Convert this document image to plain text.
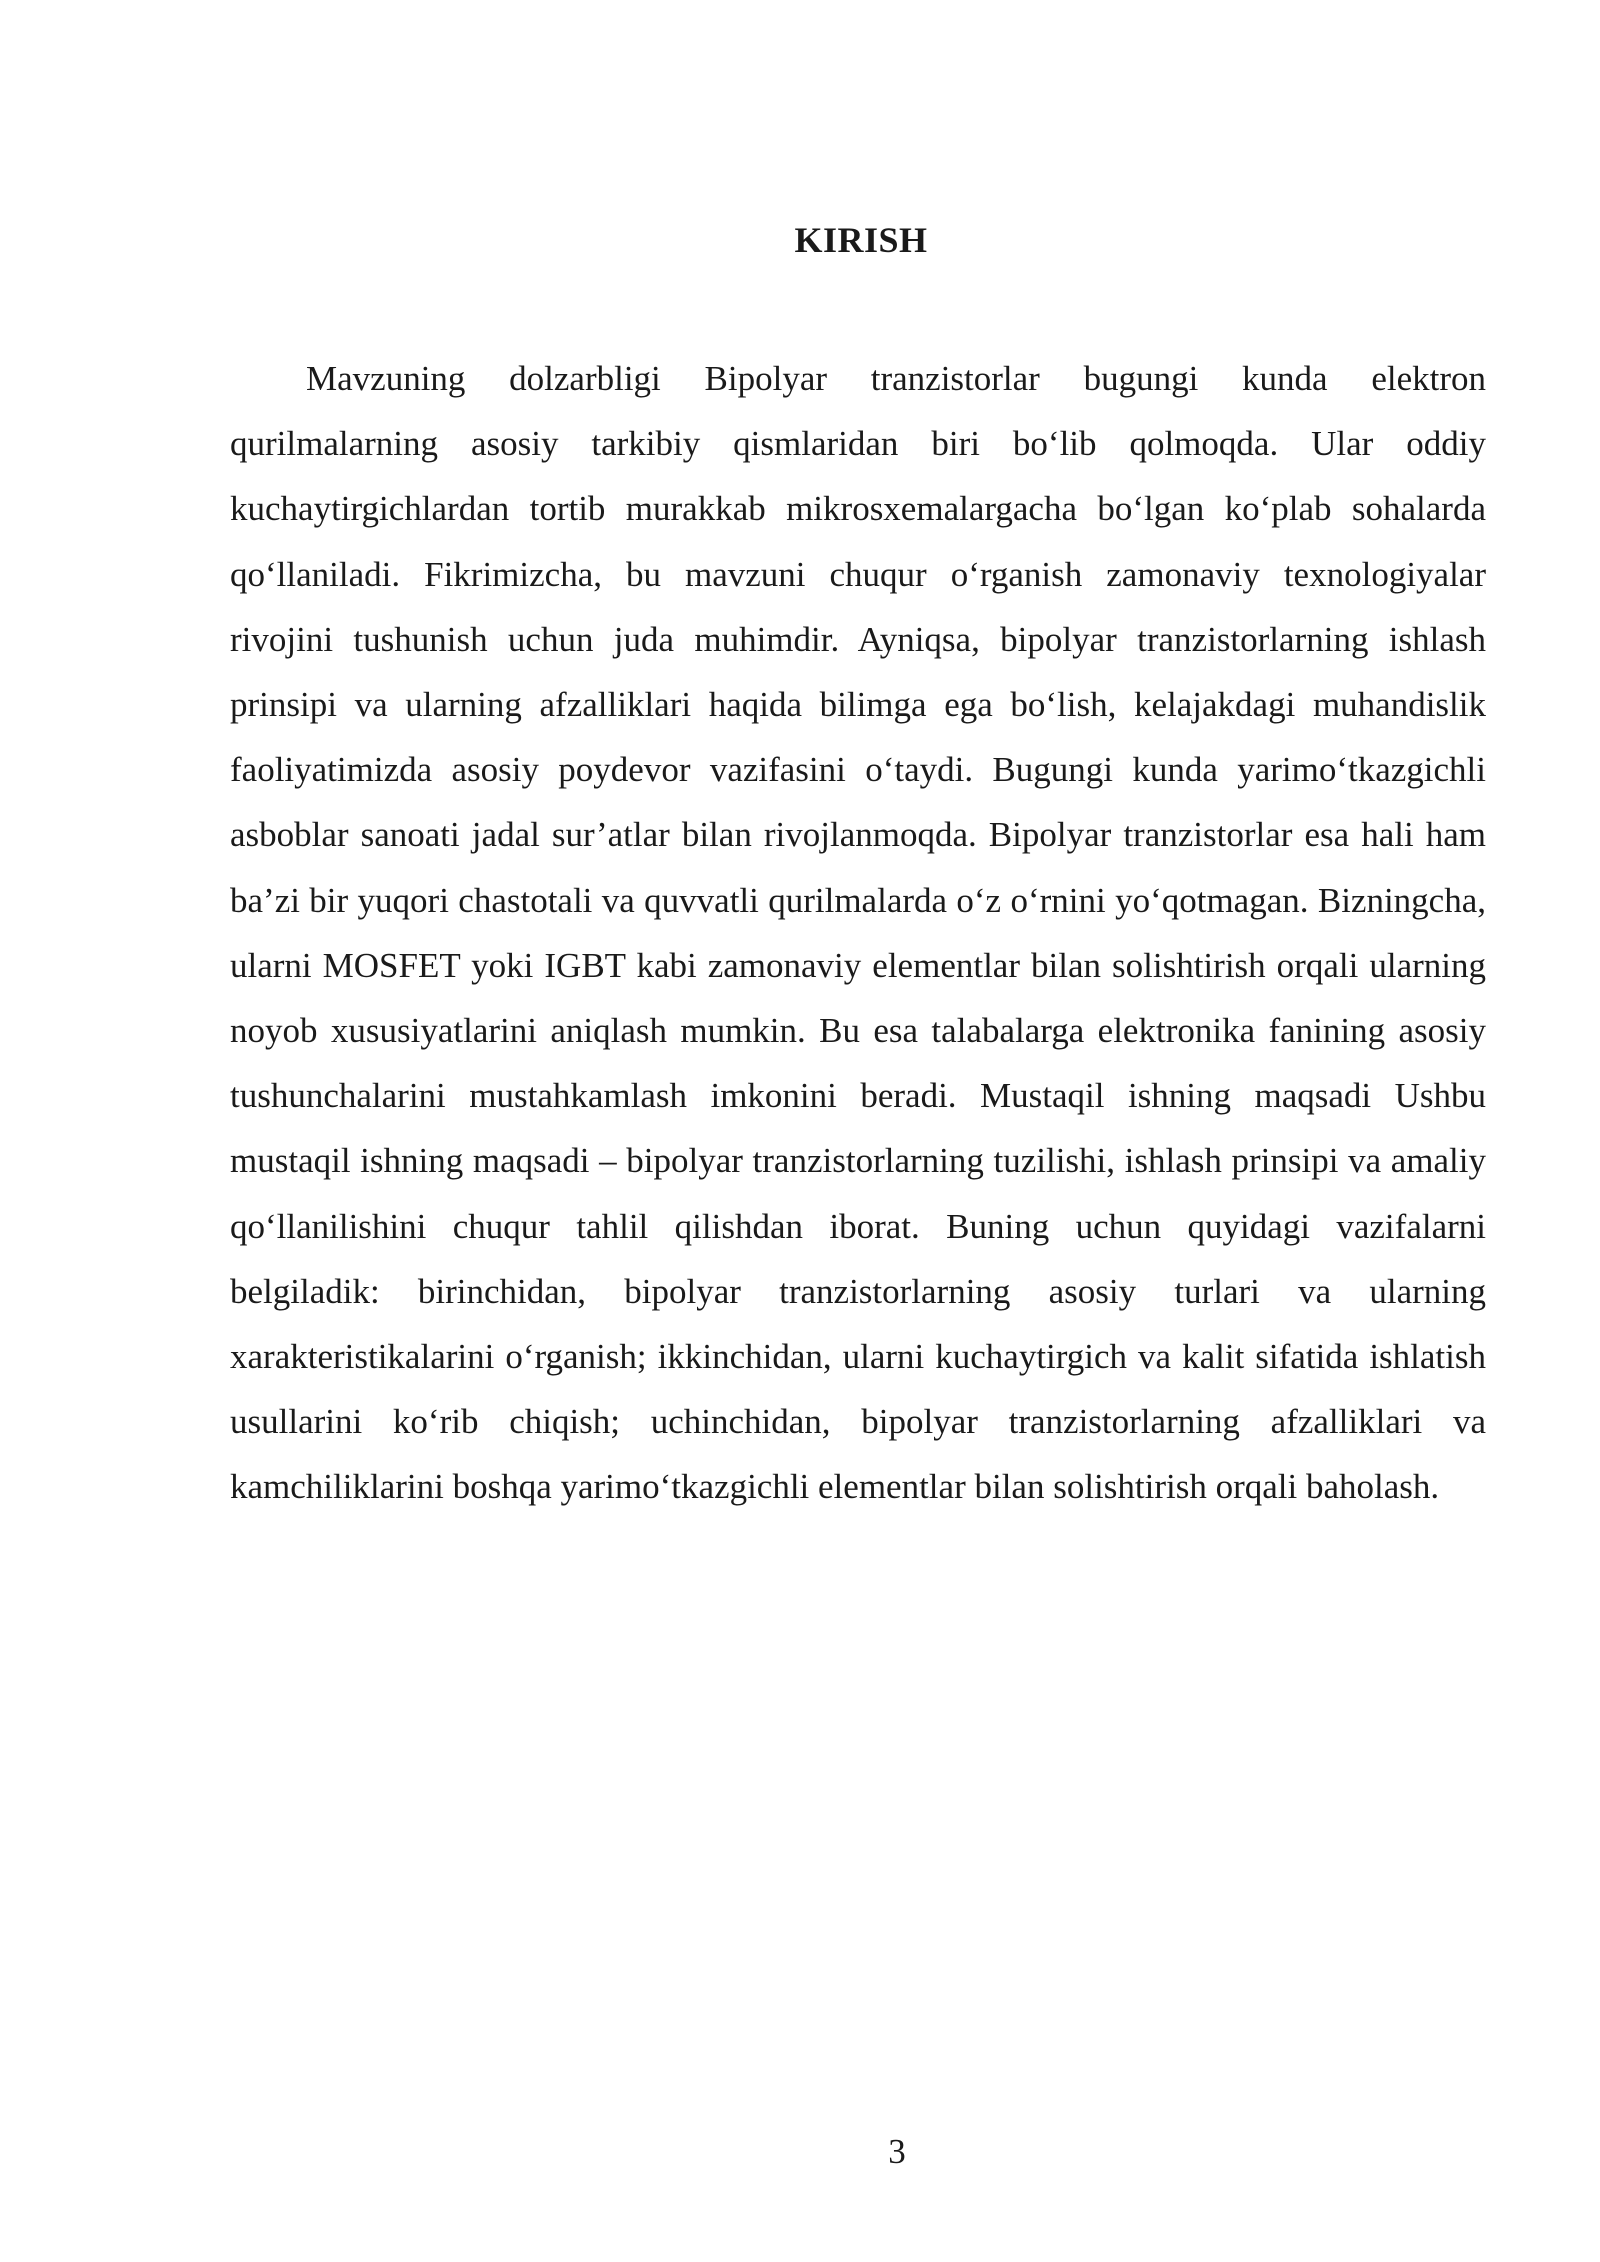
KIRISH

Mavzuning dolzarbligi Bipolyar tranzistorlar bugungi kunda elektron qurilmalarning asosiy tarkibiy qismlaridan biri bo‘lib qolmoqda. Ular oddiy kuchaytirgichlardan tortib murakkab mikrosxemalargacha bo‘lgan ko‘plab sohalarda qo‘llaniladi. Fikrimizcha, bu mavzuni chuqur o‘rganish zamonaviy texnologiyalar rivojini tushunish uchun juda muhimdir. Ayniqsa, bipolyar tranzistorlarning ishlash prinsipi va ularning afzalliklari haqida bilimga ega bo‘lish, kelajakdagi muhandislik faoliyatimizda asosiy poydevor vazifasini o‘taydi. Bugungi kunda yarimo‘tkazgichli asboblar sanoati jadal sur’atlar bilan rivojlanmoqda. Bipolyar tranzistorlar esa hali ham ba’zi bir yuqori chastotali va quvvatli qurilmalarda o‘z o‘rnini yo‘qotmagan. Bizningcha, ularni MOSFET yoki IGBT kabi zamonaviy elementlar bilan solishtirish orqali ularning noyob xususiyatlarini aniqlash mumkin. Bu esa talabalarga elektronika fanining asosiy tushunchalarini mustahkamlash imkonini beradi. Mustaqil ishning maqsadi Ushbu mustaqil ishning maqsadi – bipolyar tranzistorlarning tuzilishi, ishlash prinsipi va amaliy qo‘llanilishini chuqur tahlil qilishdan iborat. Buning uchun quyidagi vazifalarni belgiladik: birinchidan, bipolyar tranzistorlarning asosiy turlari va ularning xarakteristikalarini o‘rganish; ikkinchidan, ularni kuchaytirgich va kalit sifatida ishlatish usullarini ko‘rib chiqish; uchinchidan, bipolyar tranzistorlarning afzalliklari va kamchiliklarini boshqa yarimo‘tkazgichli elementlar bilan solishtirish orqali baholash.

3
